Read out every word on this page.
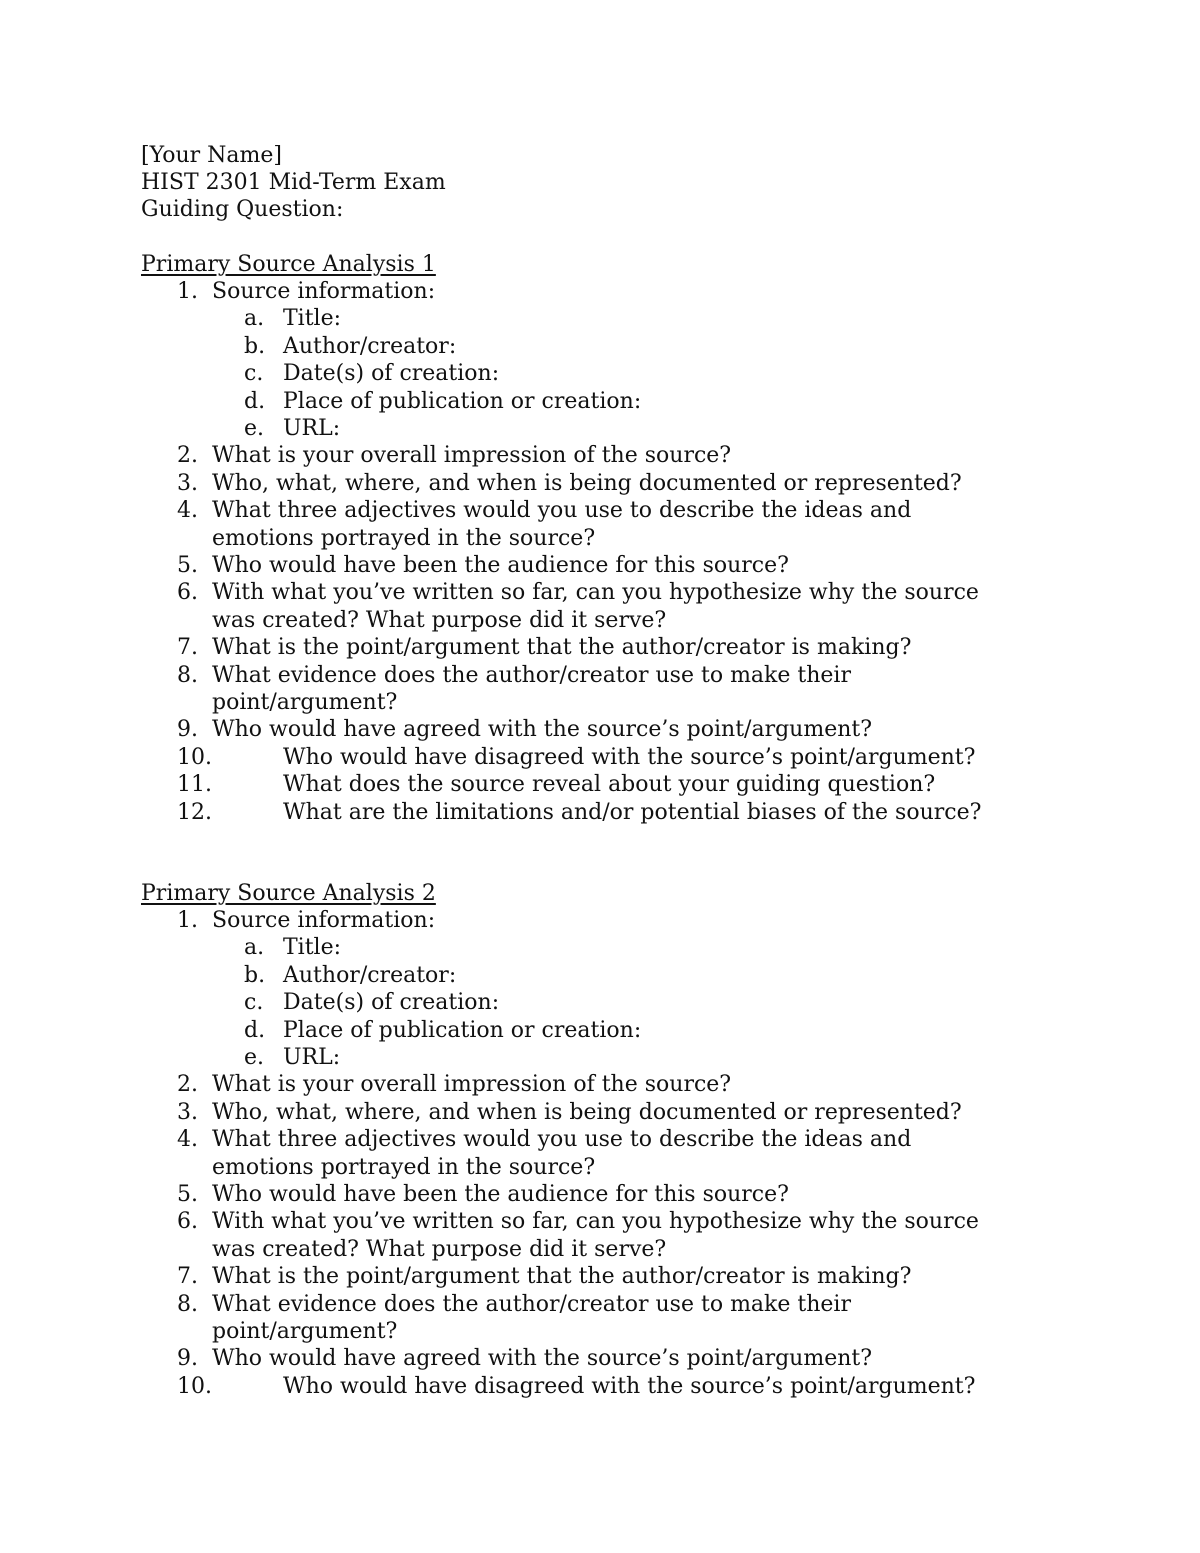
[Your Name]
HIST 2301 Mid-Term Exam
Guiding Question:
Primary Source Analysis 1
1. Source information:
a. Title:
b. Author/creator:
c. Date(s) of creation:
d. Place of publication or creation:
e. URL:
2. What is your overall impression of the source?
3. Who, what, where, and when is being documented or represented?
4. What three adjectives would you use to describe the ideas and
emotions portrayed in the source?
5. Who would have been the audience for this source?
6. With what you’ve written so far, can you hypothesize why the source
was created? What purpose did it serve?
7. What is the point/argument that the author/creator is making?
8. What evidence does the author/creator use to make their
point/argument?
9. Who would have agreed with the source’s point/argument?
10.	Who would have disagreed with the source’s point/argument?
11.	What does the source reveal about your guiding question?
12.	What are the limitations and/or potential biases of the source?
Primary Source Analysis 2
1. Source information:
a. Title:
b. Author/creator:
c. Date(s) of creation:
d. Place of publication or creation:
e. URL:
2. What is your overall impression of the source?
3. Who, what, where, and when is being documented or represented?
4. What three adjectives would you use to describe the ideas and
emotions portrayed in the source?
5. Who would have been the audience for this source?
6. With what you’ve written so far, can you hypothesize why the source
was created? What purpose did it serve?
7. What is the point/argument that the author/creator is making?
8. What evidence does the author/creator use to make their
point/argument?
9. Who would have agreed with the source’s point/argument?
10.	Who would have disagreed with the source’s point/argument?
